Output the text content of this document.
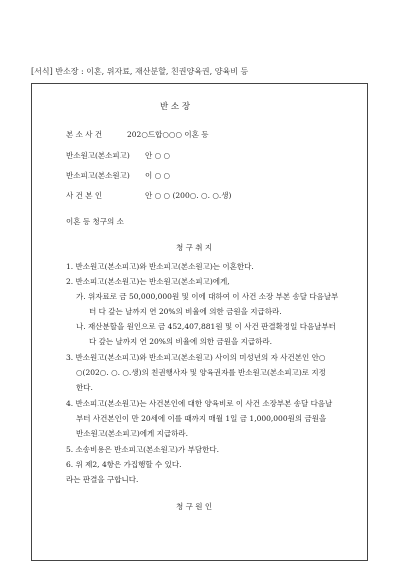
[서식] 반소장 : 이혼, 위자료, 재산분할, 친권양육권, 양육비 등
반 소 장
본 소 사 건	202○드합○○○ 이혼 등
반소원고(본소피고) 안 ○ ○
반소피고(본소원고) 이 ○ ○
사 건 본 인	안 ○ ○ (200○. ○. ○.생)
이혼 등 청구의 소
청 구 취 지
1. 반소원고(본소피고)와 반소피고(본소원고)는 이혼한다.
2. 반소피고(본소원고)는 반소원고(본소피고)에게,
가. 위자료로 금 50,000,000원 및 이에 대하여 이 사건 소장 부본 송달 다음날부
터 다 갚는 날까지 연 20%의 비율에 의한 금원을 지급하라.
나. 재산분할을 원인으로 금 452,407,881원 및 이 사건 판결확정일 다음날부터
다 갚는 날까지 연 20%의 비율에 의한 금원을 지급하라.
3. 반소원고(본소피고)와 반소피고(본소원고) 사이의 미성년의 자 사건본인 안○
○(202○. ○. ○.생)의 친권행사자 및 양육권자를 반소원고(본소피고)로 지정
한다.
4. 반소피고(본소원고)는 사건본인에 대한 양육비로 이 사건 소장부본 송달 다음날
부터 사건본인이 만 20세에 이를 때까지 매월 1일 금 1,000,000원의 금원을
반소원고(본소피고)에게 지급하라.
5. 소송비용은 반소피고(본소원고)가 부담한다.
6. 위 제2, 4항은 가집행할 수 있다.
라는 판결을 구합니다.
청 구 원 인
